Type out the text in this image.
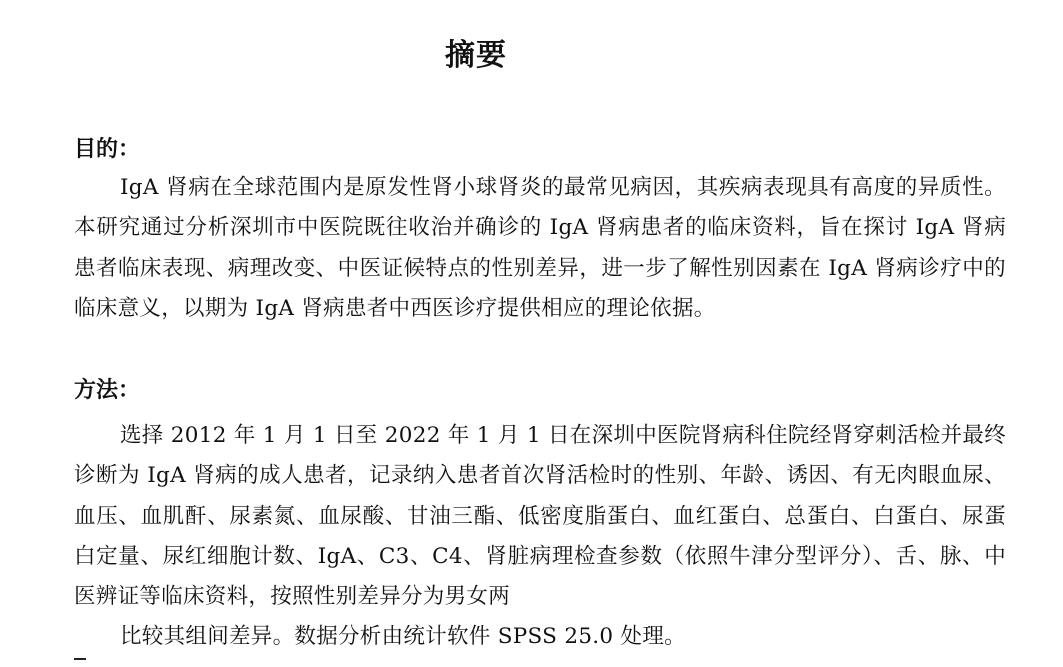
摘要
目的：
IgA 肾病在全球范围内是原发性肾小球肾炎的最常见病因，其疾病表现具有高度的异质性。本研究通过分析深圳市中医院既往收治并确诊的 IgA 肾病患者的临床资料，旨在探讨 IgA 肾病患者临床表现、病理改变、中医证候特点的性别差异，进一步了解性别因素在 IgA 肾病诊疗中的临床意义，以期为 IgA 肾病患者中西医诊疗提供相应的理论依据。
方法：
选择 2012 年 1 月 1 日至 2022 年 1 月 1 日在深圳中医院肾病科住院经肾穿刺活检并最终诊断为 IgA 肾病的成人患者，记录纳入患者首次肾活检时的性别、年龄、诱因、有无肉眼血尿、血压、血肌酐、尿素氮、血尿酸、甘油三酯、低密度脂蛋白、血红蛋白、总蛋白、白蛋白、尿蛋白定量、尿红细胞计数、IgA、C3、C4、肾脏病理检查参数（依照牛津分型评分）、舌、脉、中医辨证等临床资料，按照性别差异分为男女两
比较其组间差异。数据分析由统计软件 SPSS 25.0 处理。
